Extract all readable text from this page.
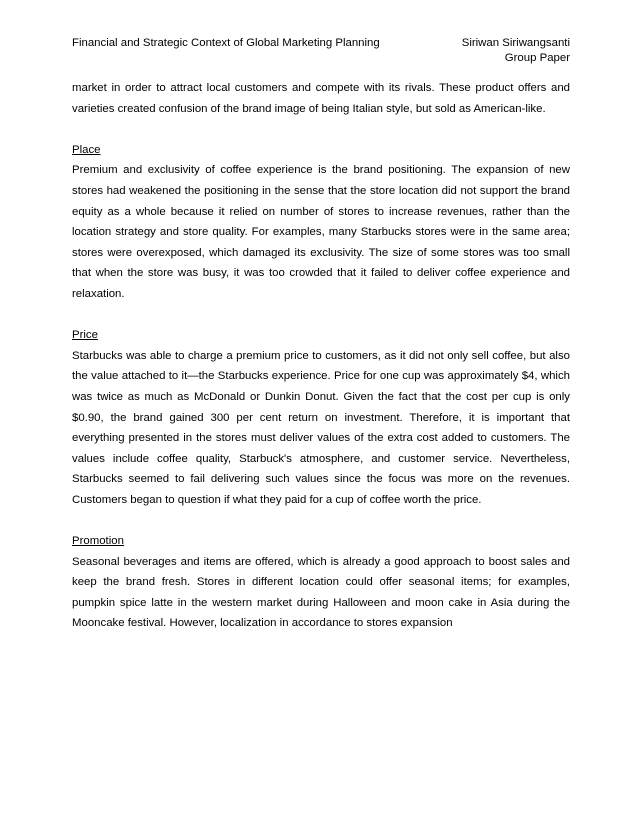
Financial and Strategic Context of Global Marketing Planning	Siriwan Siriwangsanti
Group Paper

market in order to attract local customers and compete with its rivals. These product offers and varieties created confusion of the brand image of being Italian style, but sold as American-like.

Place

Premium and exclusivity of coffee experience is the brand positioning. The expansion of new stores had weakened the positioning in the sense that the store location did not support the brand equity as a whole because it relied on number of stores to increase revenues, rather than the location strategy and store quality. For examples, many Starbucks stores were in the same area; stores were overexposed, which damaged its exclusivity. The size of some stores was too small that when the store was busy, it was too crowded that it failed to deliver coffee experience and relaxation.

Price

Starbucks was able to charge a premium price to customers, as it did not only sell coffee, but also the value attached to it—the Starbucks experience. Price for one cup was approximately $4, which was twice as much as McDonald or Dunkin Donut. Given the fact that the cost per cup is only $0.90, the brand gained 300 per cent return on investment. Therefore, it is important that everything presented in the stores must deliver values of the extra cost added to customers. The values include coffee quality, Starbuck's atmosphere, and customer service. Nevertheless, Starbucks seemed to fail delivering such values since the focus was more on the revenues. Customers began to question if what they paid for a cup of coffee worth the price.

Promotion

Seasonal beverages and items are offered, which is already a good approach to boost sales and keep the brand fresh. Stores in different location could offer seasonal items; for examples, pumpkin spice latte in the western market during Halloween and moon cake in Asia during the Mooncake festival. However, localization in accordance to stores expansion
